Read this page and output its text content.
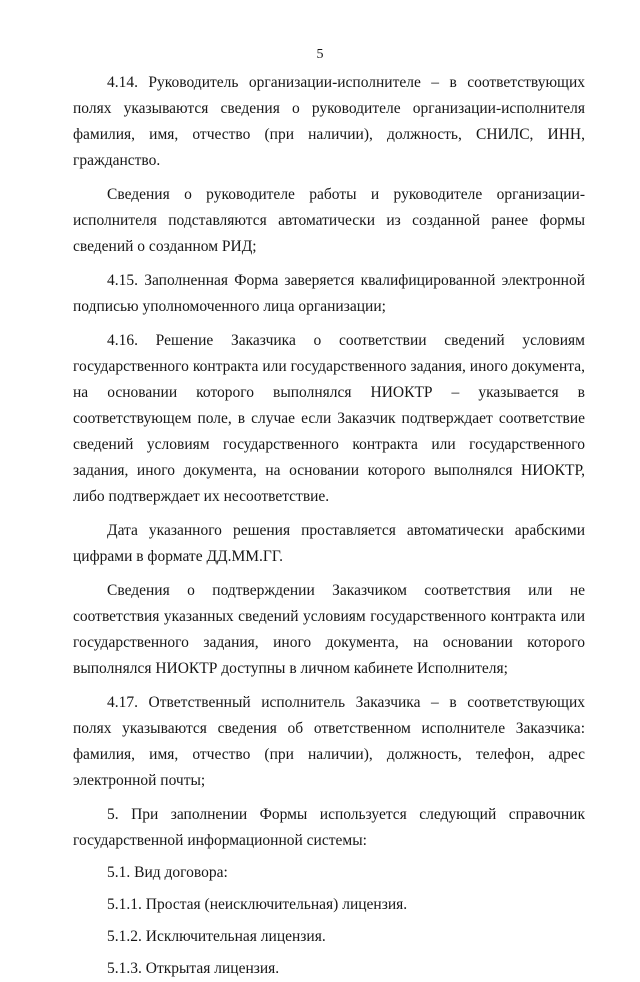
5

4.14. Руководитель организации-исполнителе – в соответствующих полях указываются сведения о руководителе организации-исполнителя фамилия, имя, отчество (при наличии), должность, СНИЛС, ИНН, гражданство.

Сведения о руководителе работы и руководителе организации-исполнителя подставляются автоматически из созданной ранее формы сведений о созданном РИД;

4.15. Заполненная Форма заверяется квалифицированной электронной подписью уполномоченного лица организации;

4.16. Решение Заказчика о соответствии сведений условиям государственного контракта или государственного задания, иного документа, на основании которого выполнялся НИОКТР – указывается в соответствующем поле, в случае если Заказчик подтверждает соответствие сведений условиям государственного контракта или государственного задания, иного документа, на основании которого выполнялся НИОКТР, либо подтверждает их несоответствие.

Дата указанного решения проставляется автоматически арабскими цифрами в формате ДД.ММ.ГГ.

Сведения о подтверждении Заказчиком соответствия или не соответствия указанных сведений условиям государственного контракта или государственного задания, иного документа, на основании которого выполнялся НИОКТР доступны в личном кабинете Исполнителя;

4.17. Ответственный исполнитель Заказчика – в соответствующих полях указываются сведения об ответственном исполнителе Заказчика: фамилия, имя, отчество (при наличии), должность, телефон, адрес электронной почты;

5. При заполнении Формы используется следующий справочник государственной информационной системы:

5.1. Вид договора:

5.1.1. Простая (неисключительная) лицензия.

5.1.2. Исключительная лицензия.

5.1.3. Открытая лицензия.
